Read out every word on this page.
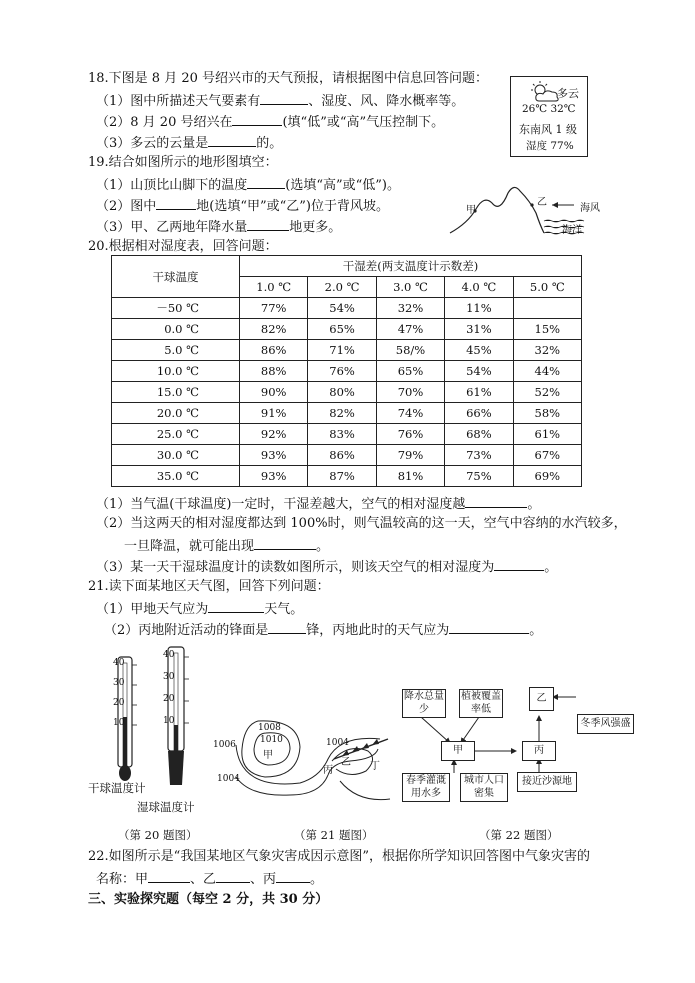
18.下图是 8 月 20 号绍兴市的天气预报，请根据图中信息回答问题：
（1）图中所描述天气要素有	、湿度、风、降水概率等。
（2）8 月 20 号绍兴在	(填“低”或“高”气压控制下。
（3）多云的云量是	的。
多云
26℃ 32℃
东南风 1 级
湿度 77%
19.结合如图所示的地形图填空：
（1）山顶比山脚下的温度	(选填“高”或“低”)。
（2）图中	地(选填“甲”或“乙”)位于背风坡。
（3）甲、乙两地年降水量	地更多。
甲
乙
海风
海洋
20.根据相对湿度表，回答问题：
干球温度	干湿差(两支温度计示数差)				
	1.0 ℃	2.0 ℃	3.0 ℃	4.0 ℃	5.0 ℃
－50 ℃	77%	54%	32%	11%	
0.0 ℃	82%	65%	47%	31%	15%
5.0 ℃	86%	71%	58/%	45%	32%
10.0 ℃	88%	76%	65%	54%	44%
15.0 ℃	90%	80%	70%	61%	52%
20.0 ℃	91%	82%	74%	66%	58%
25.0 ℃	92%	83%	76%	68%	61%
30.0 ℃	93%	86%	79%	73%	67%
35.0 ℃	93%	87%	81%	75%	69%
（1）当气温(干球温度)一定时，干湿差越大，空气的相对湿度越	。
（2）当这两天的相对湿度都达到 100%时，则气温较高的这一天，空气中容纳的水汽较多，
一旦降温，就可能出现	。
（3）某一天干湿球温度计的读数如图所示，则该天空气的相对湿度为	。
21.读下面某地区天气图，回答下列问题：
（1）甲地天气应为	天气。
（2）丙地附近活动的锋面是	锋，丙地此时的天气应为	。
40
30
20
10
40
30
20
10
干球温度计
湿球温度计
（第 20 题图）
1008
1010
1006	1004
1004
甲
乙
丙	丁
（第 21 题图）
降水总量少
植被覆盖率低
甲	丙
乙
冬季风强盛
春季灌溉用水多
城市人口密集
接近沙源地
（第 22 题图）
22.如图所示是“我国某地区气象灾害成因示意图”，根据你所学知识回答图中气象灾害的
名称：甲	、乙	、丙	。
三、实验探究题（每空 2 分，共 30 分）
